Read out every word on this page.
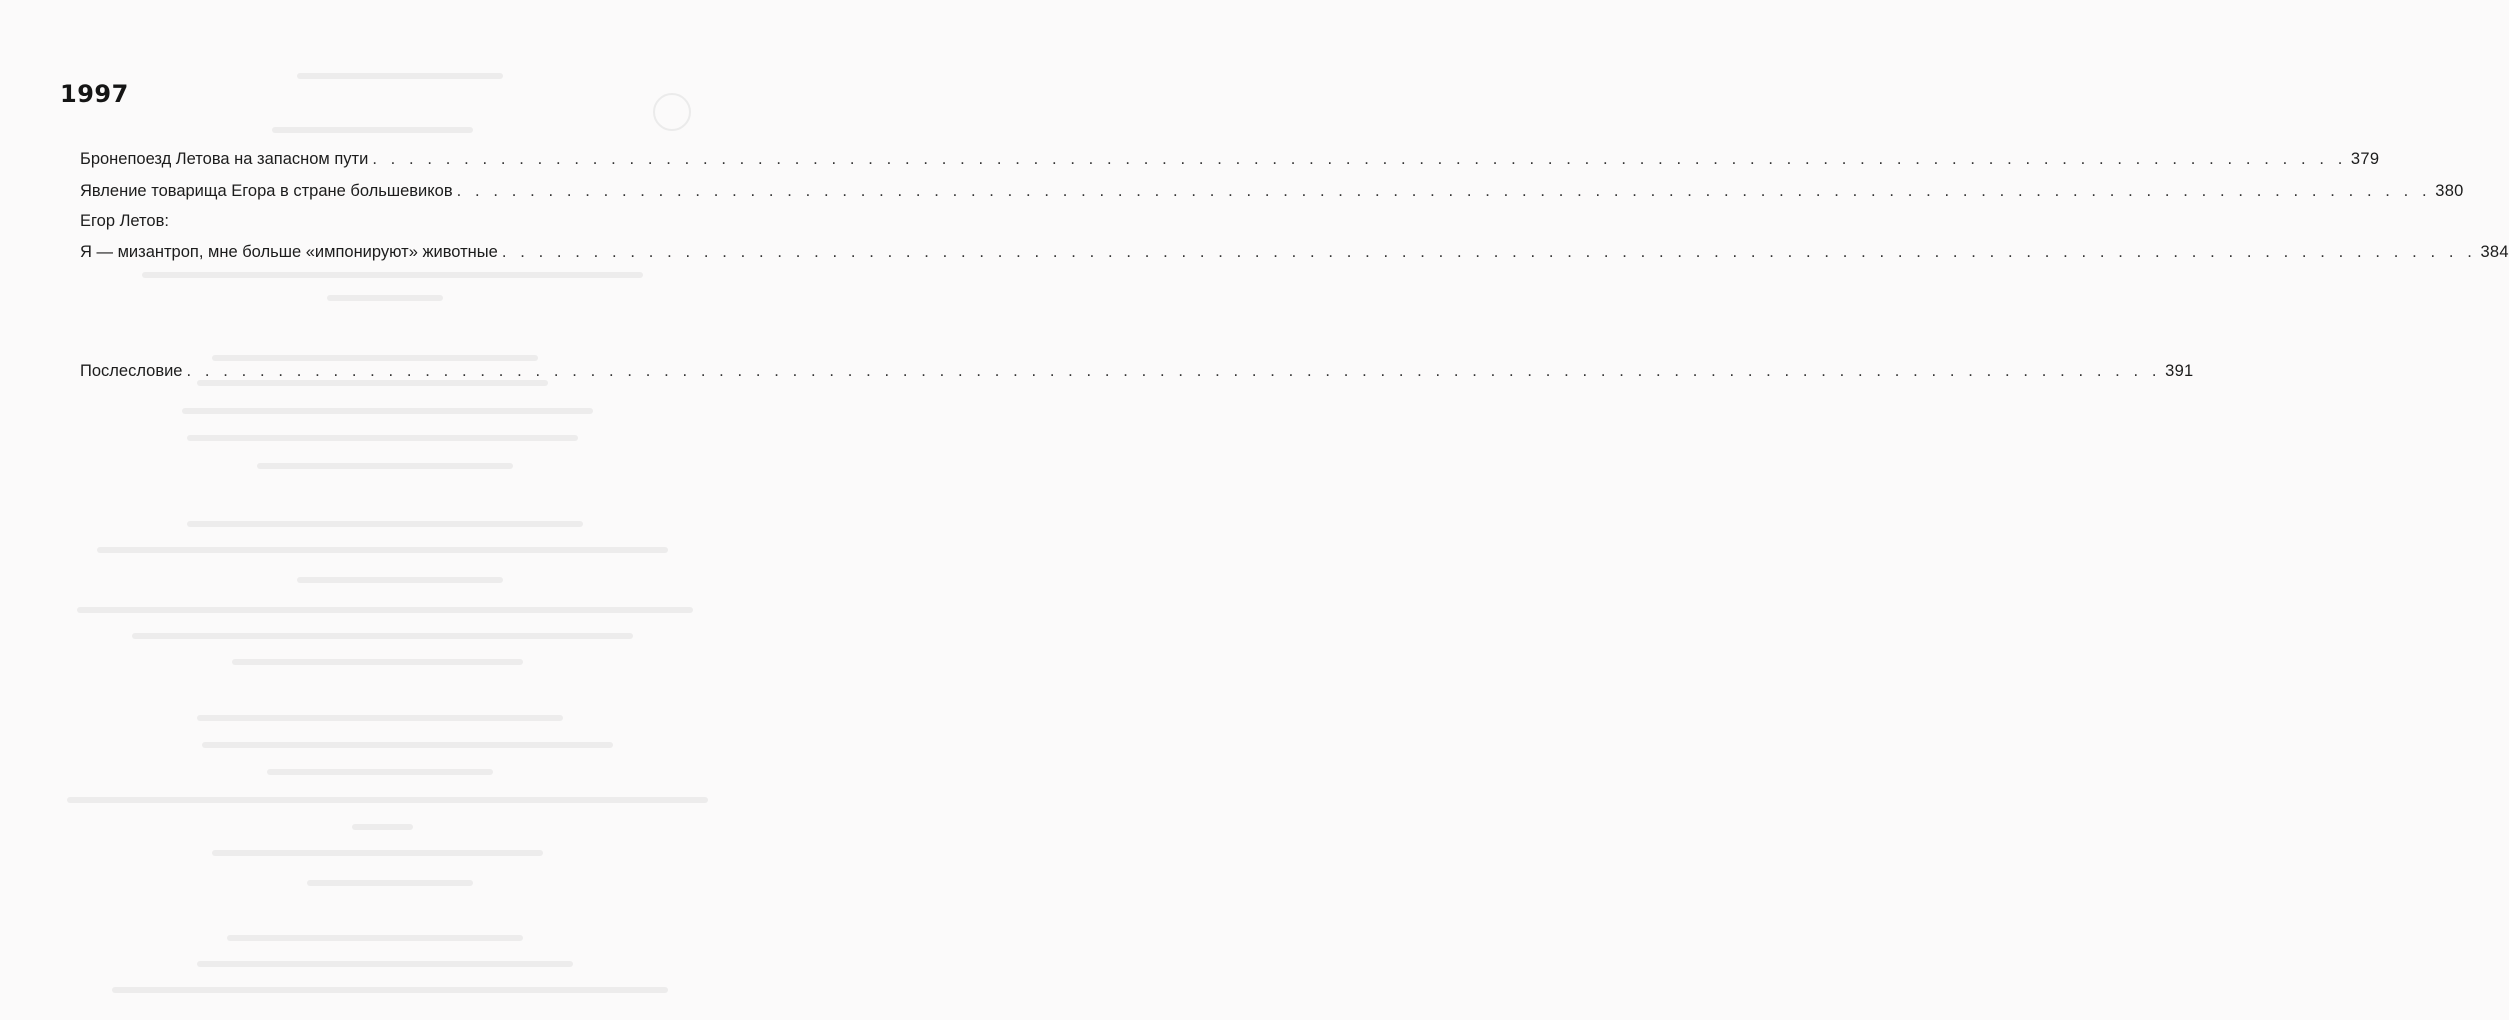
1997
Бронепоезд Летова на запасном пути . . . . . . . . . . . . . . . . . . . . . . . . . . . . . . . . . . . . . . . . . . . . . . . . . . . . . . . . . . . . . . . . . . . . . . . . . . . . . . . . . . . . . . . . . . . . . . . . . . . . . . . . . . . . 379
Явление товарища Егора в стране большевиков . . . . . . . . . . . . . . . . . . . . . . . . . . . . . . . . . . . . . . . . . . . . . . . . . . . . . . . . . . . . . . . . . . . . . . . . . . . . . . . . . . . . . . . . . . . . . . . . . . . . . . . . . . . . 380
Егор Летов:
Я — мизантроп, мне больше «импонируют» животные . . . . . . . . . . . . . . . . . . . . . . . . . . . . . . . . . . . . . . . . . . . . . . . . . . . . . . . . . . . . . . . . . . . . . . . . . . . . . . . . . . . . . . . . . . . . . . . . . . . . . . . . . . . . 384
Послесловие . . . . . . . . . . . . . . . . . . . . . . . . . . . . . . . . . . . . . . . . . . . . . . . . . . . . . . . . . . . . . . . . . . . . . . . . . . . . . . . . . . . . . . . . . . . . . . . . . . . . . . . . . . . . 391
